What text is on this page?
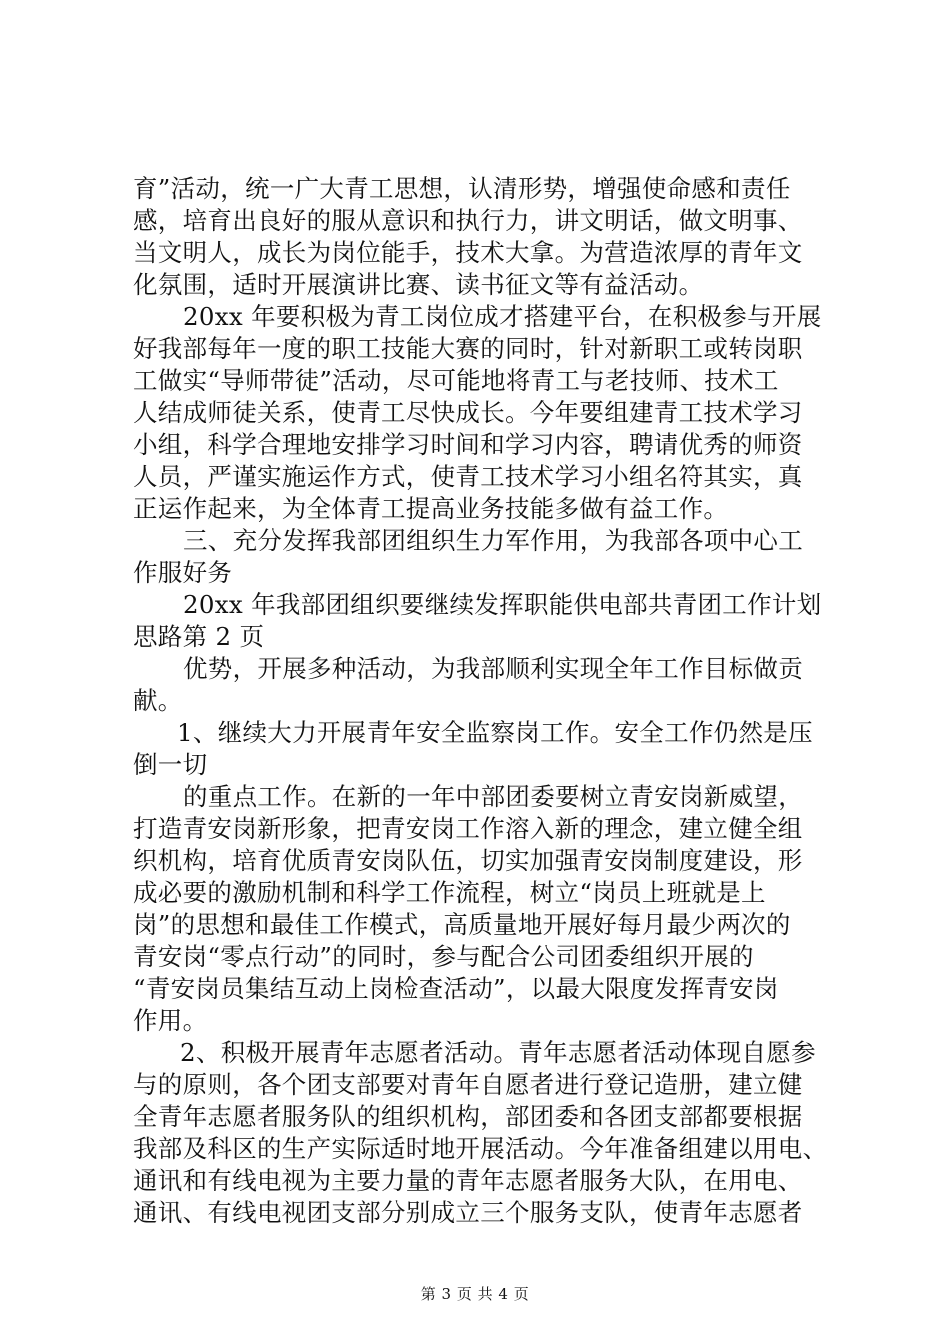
育”活动，统一广大青工思想，认清形势，增强使命感和责任
感，培育出良好的服从意识和执行力，讲文明话，做文明事、
当文明人，成长为岗位能手，技术大拿。为营造浓厚的青年文
化氛围，适时开展演讲比赛、读书征文等有益活动。
20xx 年要积极为青工岗位成才搭建平台，在积极参与开展
好我部每年一度的职工技能大赛的同时，针对新职工或转岗职
工做实“导师带徒”活动，尽可能地将青工与老技师、技术工
人结成师徒关系，使青工尽快成长。今年要组建青工技术学习
小组，科学合理地安排学习时间和学习内容，聘请优秀的师资
人员，严谨实施运作方式，使青工技术学习小组名符其实，真
正运作起来，为全体青工提高业务技能多做有益工作。
三、充分发挥我部团组织生力军作用，为我部各项中心工
作服好务
20xx 年我部团组织要继续发挥职能供电部共青团工作计划
思路第 2 页
优势，开展多种活动，为我部顺利实现全年工作目标做贡
献。
1、继续大力开展青年安全监察岗工作。安全工作仍然是压
倒一切
的重点工作。在新的一年中部团委要树立青安岗新威望，
打造青安岗新形象，把青安岗工作溶入新的理念，建立健全组
织机构，培育优质青安岗队伍，切实加强青安岗制度建设，形
成必要的激励机制和科学工作流程，树立“岗员上班就是上
岗”的思想和最佳工作模式，高质量地开展好每月最少两次的
青安岗“零点行动”的同时，参与配合公司团委组织开展的
“青安岗员集结互动上岗检查活动”，以最大限度发挥青安岗
作用。
2、积极开展青年志愿者活动。青年志愿者活动体现自愿参
与的原则，各个团支部要对青年自愿者进行登记造册，建立健
全青年志愿者服务队的组织机构，部团委和各团支部都要根据
我部及科区的生产实际适时地开展活动。今年准备组建以用电、
通讯和有线电视为主要力量的青年志愿者服务大队，在用电、
通讯、有线电视团支部分别成立三个服务支队，使青年志愿者
第 3 页 共 4 页
